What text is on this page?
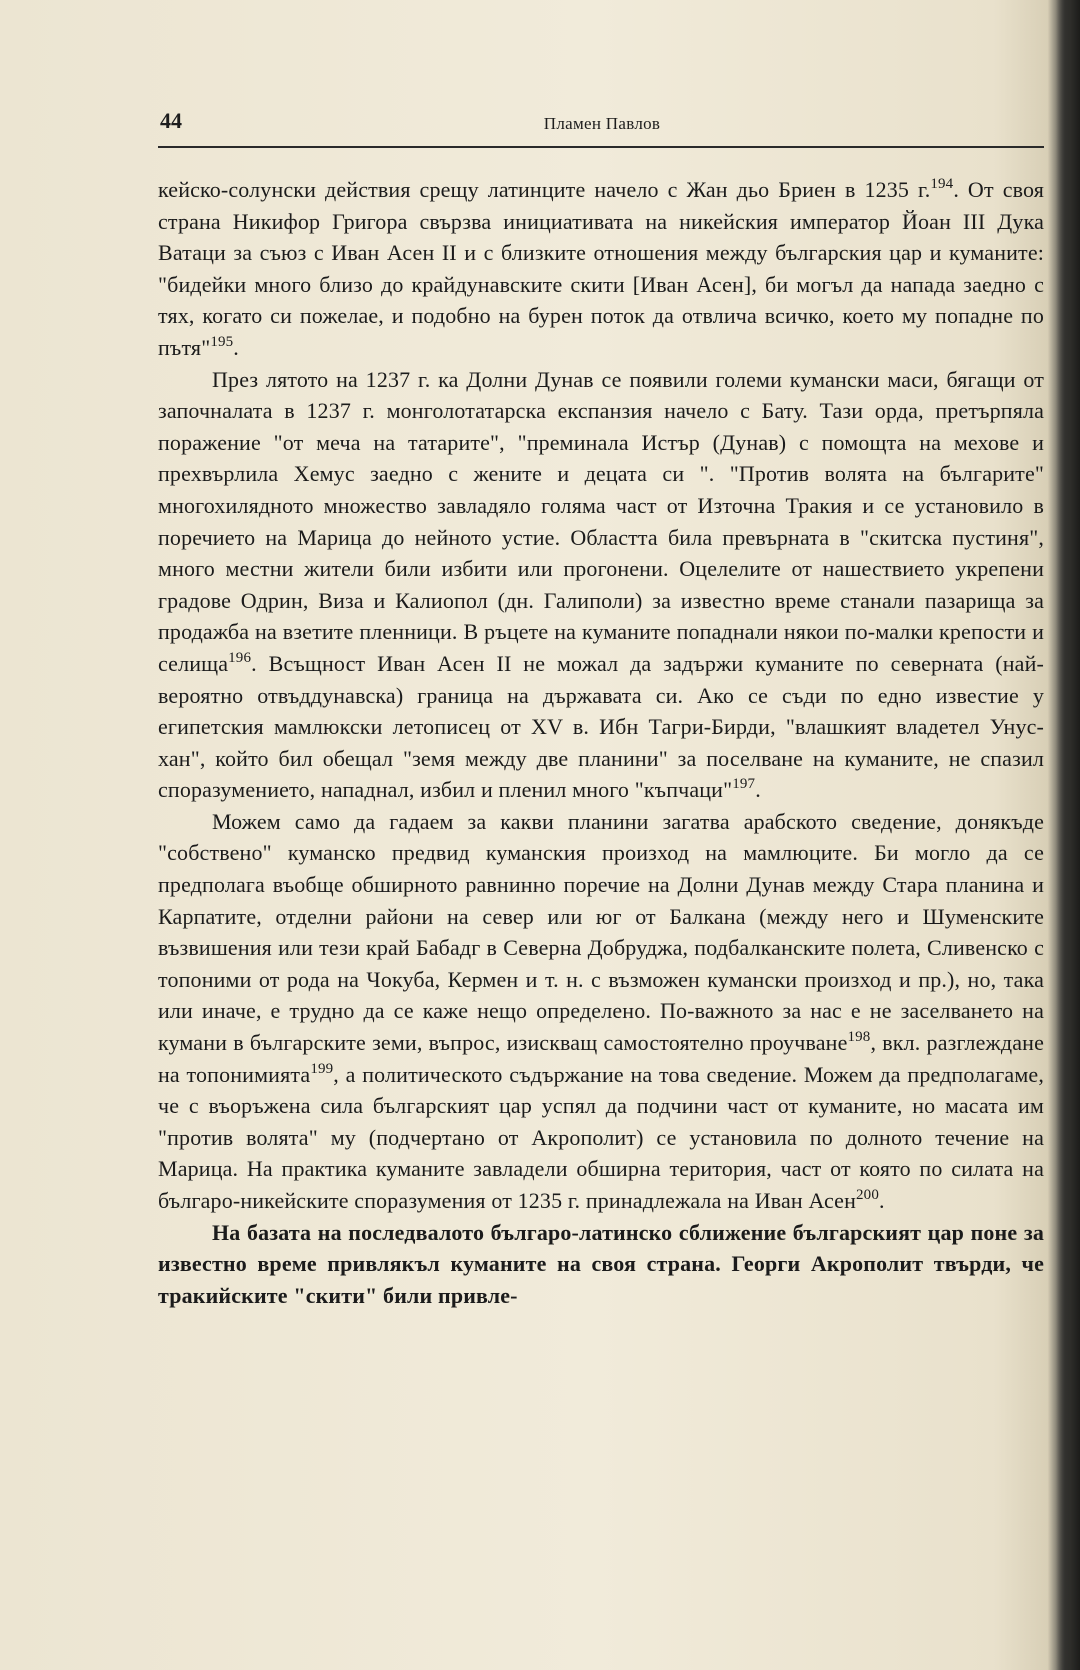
44	Пламен Павлов

кейско-солунски действия срещу латинците начело с Жан дьо Бриен в 1235 г.$^{194}$. От своя страна Никифор Григора свързва инициативата на никейския император Йоан III Дука Ватаци за съюз с Иван Асен II и с близките отношения между българския цар и куманите: "бидейки много близо до крайдунавските скити [Иван Асен], би могъл да напада заедно с тях, когато си пожелае, и подобно на бурен поток да отвлича всичко, което му попадне по пътя"$^{195}$.

През лятото на 1237 г. ка Долни Дунав се появили големи кумански маси, бягащи от започналата в 1237 г. монголотатарска експанзия начело с Бату. Тази орда, претърпяла поражение "от меча на татарите", "преминала Истър (Дунав) с помощта на мехове и прехвърлила Хемус заедно с жените и децата си ". "Против волята на българите" многохилядното множество завладяло голяма част от Източна Тракия и се установило в поречието на Марица до нейното устие. Областта била превърната в "скитска пустиня", много местни жители били избити или прогонени. Оцелелите от нашествието укрепени градове Одрин, Виза и Калиопол (дн. Галиполи) за известно време станали пазарища за продажба на взетите пленници. В ръцете на куманите попаднали някои по-малки крепости и селища$^{196}$. Всъщност Иван Асен II не можал да задържи куманите по северната (най-вероятно отвъддунавска) граница на държавата си. Ако се съди по едно известие у египетския мамлюкски летописец от XV в. Ибн Тагри-Бирди, "влашкият владетел Унус-хан", който бил обещал "земя между две планини" за поселване на куманите, не спазил споразумението, нападнал, избил и пленил много "къпчаци"$^{197}$.

Можем само да гадаем за какви планини загатва арабското сведение, донякъде "собствено" куманско предвид куманския произход на мамлюците. Би могло да се предполага въобще обширното равнинно поречие на Долни Дунав между Стара планина и Карпатите, отделни райони на север или юг от Балкана (между него и Шуменските възвишения или тези край Бабадг в Северна Добруджа, подбалканските полета, Сливенско с топоними от рода на Чокуба, Кермен и т. н. с възможен кумански произход и пр.), но, така или иначе, е трудно да се каже нещо определено. По-важното за нас е не заселването на кумани в българските земи, въпрос, изискващ самостоятелно проучване$^{198}$, вкл. разглеждане на топонимията$^{199}$, а политическото съдържание на това сведение. Можем да предполагаме, че с въоръжена сила българският цар успял да подчини част от куманите, но масата им "против волята" му (подчертано от Акрополит) се установила по долното течение на Марица. На практика куманите завладели обширна територия, част от която по силата на българо-никейските споразумения от 1235 г. принадлежала на Иван Асен$^{200}$.

На базата на последвалото българо-латинско сближение българският цар поне за известно време привлякъл куманите на своя страна. Георги Акрополит твърди, че тракийските "скити" били привле-
